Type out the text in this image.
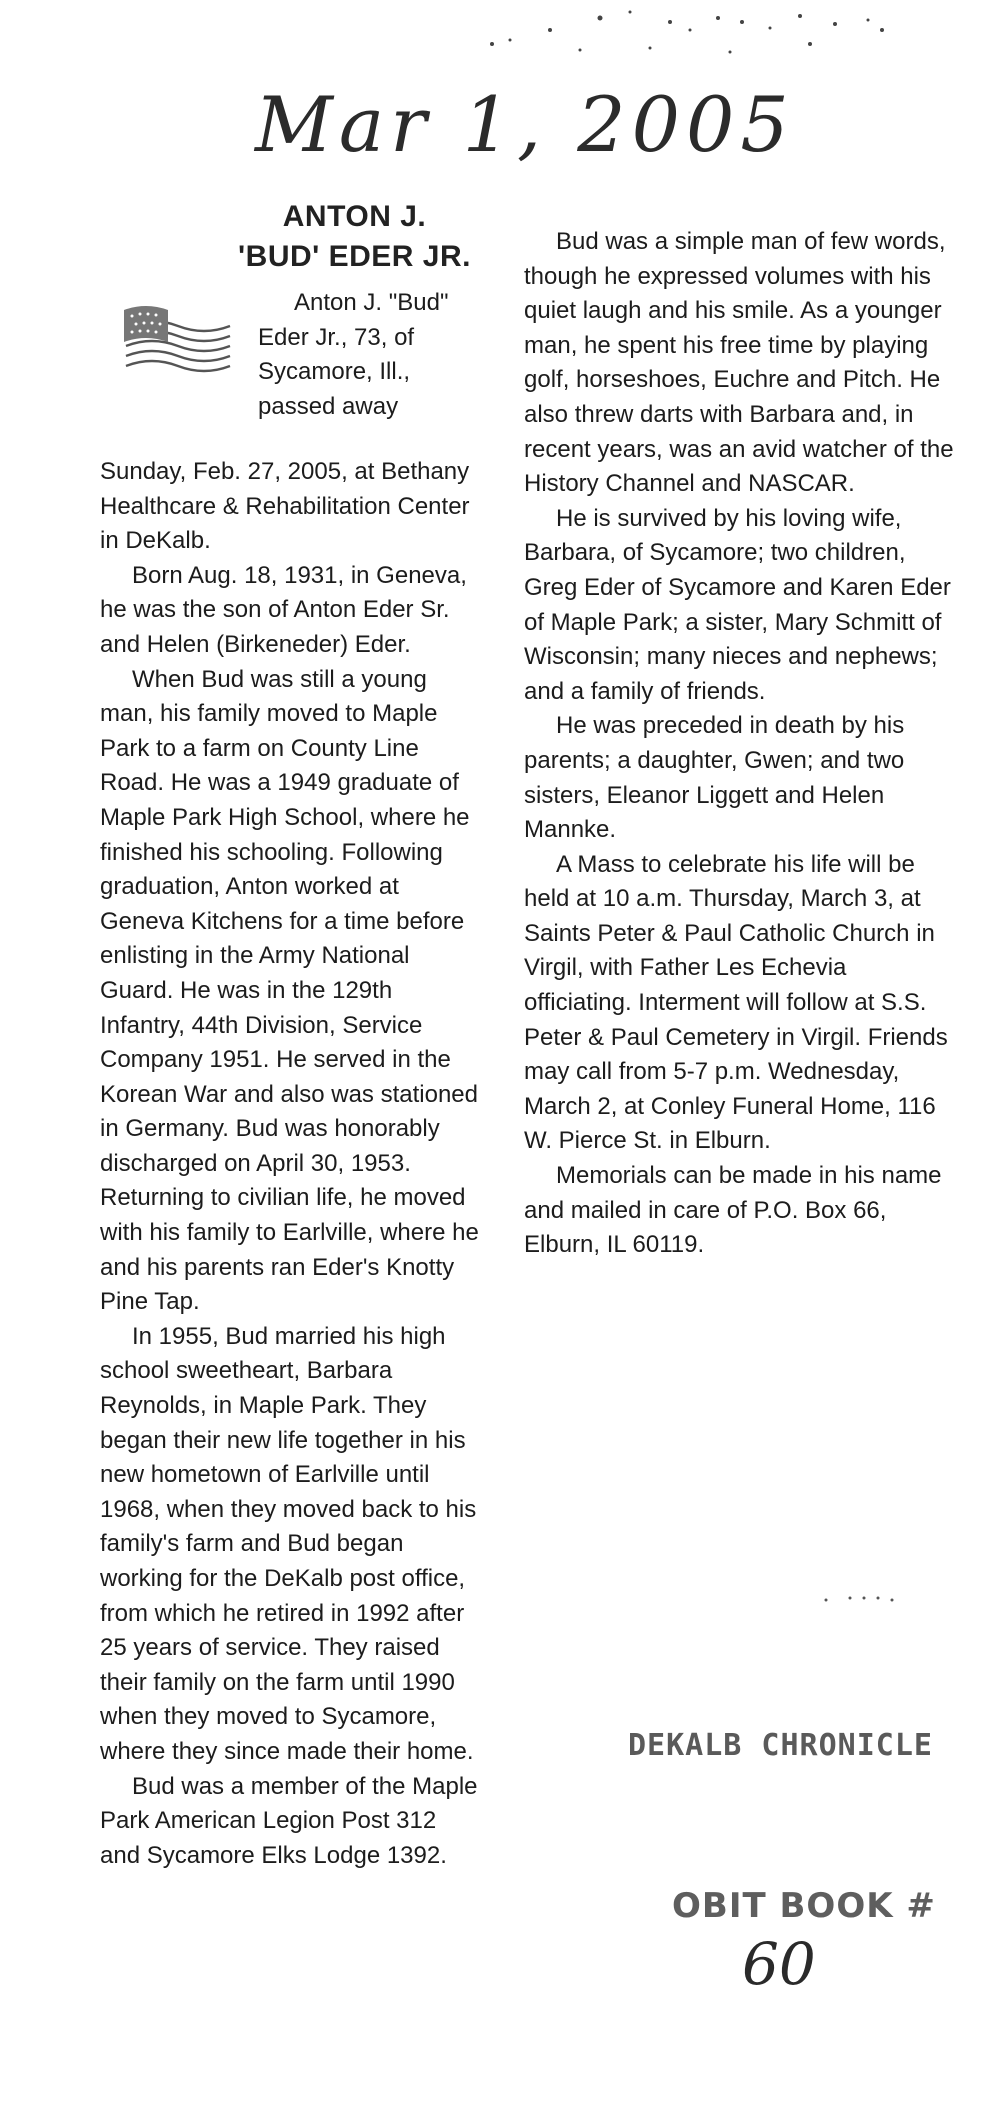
Mar 1, 2005
ANTON J.
'BUD' EDER JR.
Anton J. "Bud"
Eder Jr., 73, of
Sycamore, Ill.,
passed away

Sunday, Feb. 27, 2005, at Bethany Healthcare & Rehabilitation Center in DeKalb.

Born Aug. 18, 1931, in Geneva, he was the son of Anton Eder Sr. and Helen (Birkeneder) Eder.

When Bud was still a young man, his family moved to Maple Park to a farm on County Line Road. He was a 1949 graduate of Maple Park High School, where he finished his schooling. Following graduation, Anton worked at Geneva Kitchens for a time before enlisting in the Army National Guard. He was in the 129th Infantry, 44th Division, Service Company 1951. He served in the Korean War and also was stationed in Germany. Bud was honorably discharged on April 30, 1953. Returning to civilian life, he moved with his family to Earlville, where he and his parents ran Eder's Knotty Pine Tap.

In 1955, Bud married his high school sweetheart, Barbara Reynolds, in Maple Park. They began their new life together in his new hometown of Earlville until 1968, when they moved back to his family's farm and Bud began working for the DeKalb post office, from which he retired in 1992 after 25 years of service. They raised their family on the farm until 1990 when they moved to Sycamore, where they since made their home.

Bud was a member of the Maple Park American Legion Post 312 and Sycamore Elks Lodge 1392.

Bud was a simple man of few words, though he expressed volumes with his quiet laugh and his smile. As a younger man, he spent his free time by playing golf, horseshoes, Euchre and Pitch. He also threw darts with Barbara and, in recent years, was an avid watcher of the History Channel and NASCAR.

He is survived by his loving wife, Barbara, of Sycamore; two children, Greg Eder of Sycamore and Karen Eder of Maple Park; a sister, Mary Schmitt of Wisconsin; many nieces and nephews; and a family of friends.

He was preceded in death by his parents; a daughter, Gwen; and two sisters, Eleanor Liggett and Helen Mannke.

A Mass to celebrate his life will be held at 10 a.m. Thursday, March 3, at Saints Peter & Paul Catholic Church in Virgil, with Father Les Echevia officiating. Interment will follow at S.S. Peter & Paul Cemetery in Virgil. Friends may call from 5-7 p.m. Wednesday, March 2, at Conley Funeral Home, 116 W. Pierce St. in Elburn.

Memorials can be made in his name and mailed in care of P.O. Box 66, Elburn, IL 60119.

DEKALB CHRONICLE
OBIT BOOK #
60
